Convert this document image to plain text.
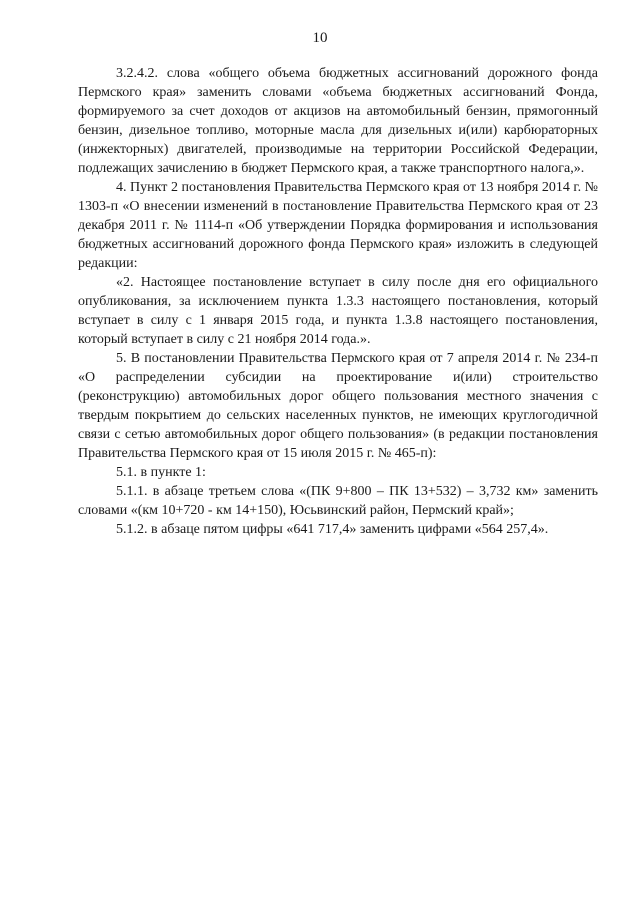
10

3.2.4.2. слова «общего объема бюджетных ассигнований дорожного фонда Пермского края» заменить словами «объема бюджетных ассигнований Фонда, формируемого за счет доходов от акцизов на автомобильный бензин, прямогонный бензин, дизельное топливо, моторные масла для дизельных и(или) карбюраторных (инжекторных) двигателей, производимые на территории Российской Федерации, подлежащих зачислению в бюджет Пермского края, а также транспортного налога,».

4. Пункт 2 постановления Правительства Пермского края от 13 ноября 2014 г. № 1303-п «О внесении изменений в постановление Правительства Пермского края от 23 декабря 2011 г. № 1114-п «Об утверждении Порядка формирования и использования бюджетных ассигнований дорожного фонда Пермского края» изложить в следующей редакции:

«2. Настоящее постановление вступает в силу после дня его официального опубликования, за исключением пункта 1.3.3 настоящего постановления, который вступает в силу с 1 января 2015 года, и пункта 1.3.8 настоящего постановления, который вступает в силу с 21 ноября 2014 года.».

5. В постановлении Правительства Пермского края от 7 апреля 2014 г. № 234-п «О распределении субсидии на проектирование и(или) строительство (реконструкцию) автомобильных дорог общего пользования местного значения с твердым покрытием до сельских населенных пунктов, не имеющих круглогодичной связи с сетью автомобильных дорог общего пользования» (в редакции постановления Правительства Пермского края от 15 июля 2015 г. № 465-п):

5.1. в пункте 1:

5.1.1. в абзаце третьем слова «(ПК 9+800 – ПК 13+532) – 3,732 км» заменить словами «(км 10+720 - км 14+150), Юсьвинский район, Пермский край»;

5.1.2. в абзаце пятом цифры «641 717,4» заменить цифрами «564 257,4».
